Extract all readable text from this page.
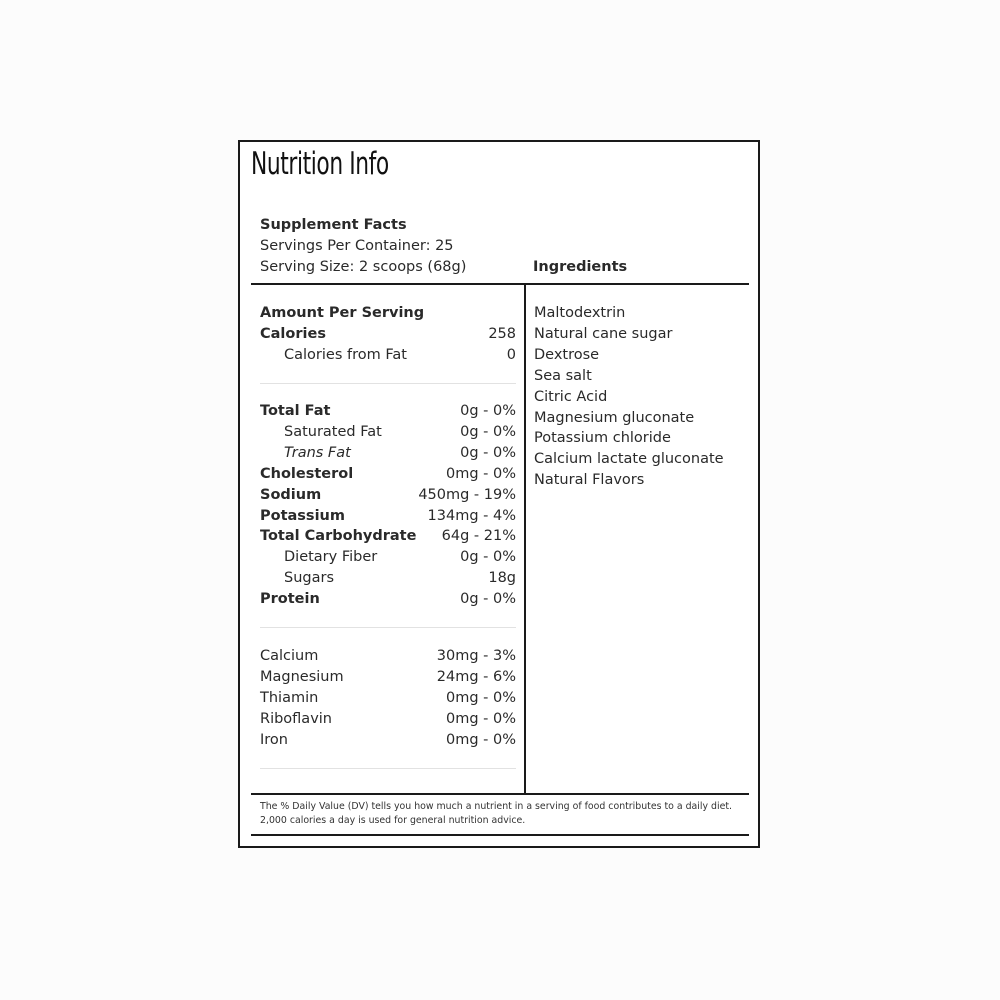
Nutrition Info
Supplement Facts
Servings Per Container: 25
Serving Size: 2 scoops (68g)	Ingredients
Amount Per Serving
Calories	258
Calories from Fat	0
Total Fat	0g - 0%
Saturated Fat	0g - 0%
Trans Fat	0g - 0%
Cholesterol	0mg - 0%
Sodium	450mg - 19%
Potassium	134mg - 4%
Total Carbohydrate 64g - 21%
Dietary Fiber	0g - 0%
Sugars	18g
Protein	0g - 0%
Calcium	30mg - 3%
Magnesium	24mg - 6%
Thiamin	0mg - 0%
Riboflavin	0mg - 0%
Iron	0mg - 0%
Maltodextrin
Natural cane sugar
Dextrose
Sea salt
Citric Acid
Magnesium gluconate
Potassium chloride
Calcium lactate gluconate
Natural Flavors
The % Daily Value (DV) tells you how much a nutrient in a serving of food contributes to a daily diet.
2,000 calories a day is used for general nutrition advice.
